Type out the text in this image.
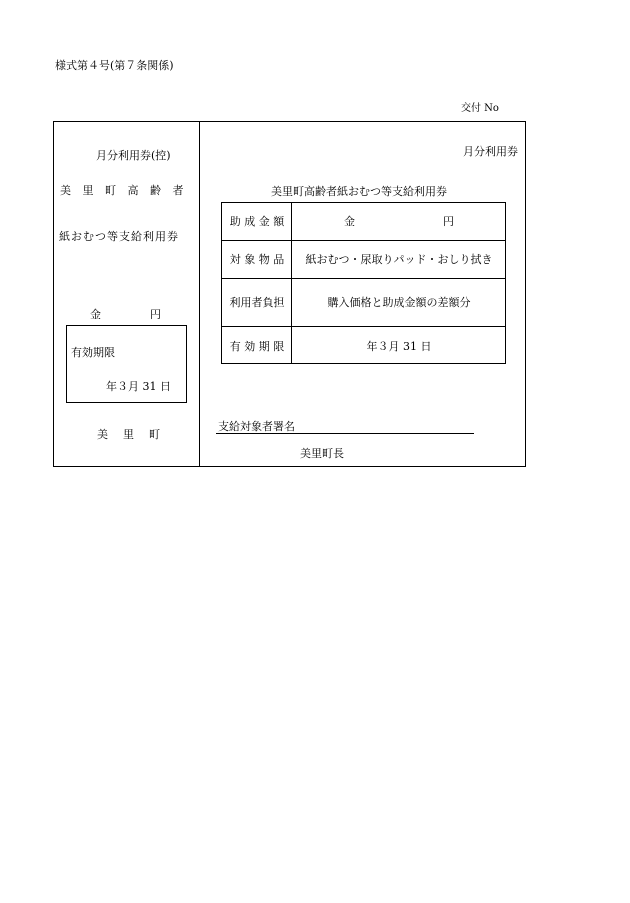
様式第４号(第７条関係)
交付 No
月分利用券(控)
美 里 町 高 齢 者
紙おむつ等支給利用券
金　　　円
有効期限
年３月 31 日
美　里　町
月分利用券
美里町高齢者紙おむつ等支給利用券
助 成 金 額	金　　　　　　　　円
対 象 物 品	紙おむつ・尿取りパッド・おしり拭き
利用者負担	購入価格と助成金額の差額分
有 効 期 限	年３月 31 日
支給対象者署名
美里町長
